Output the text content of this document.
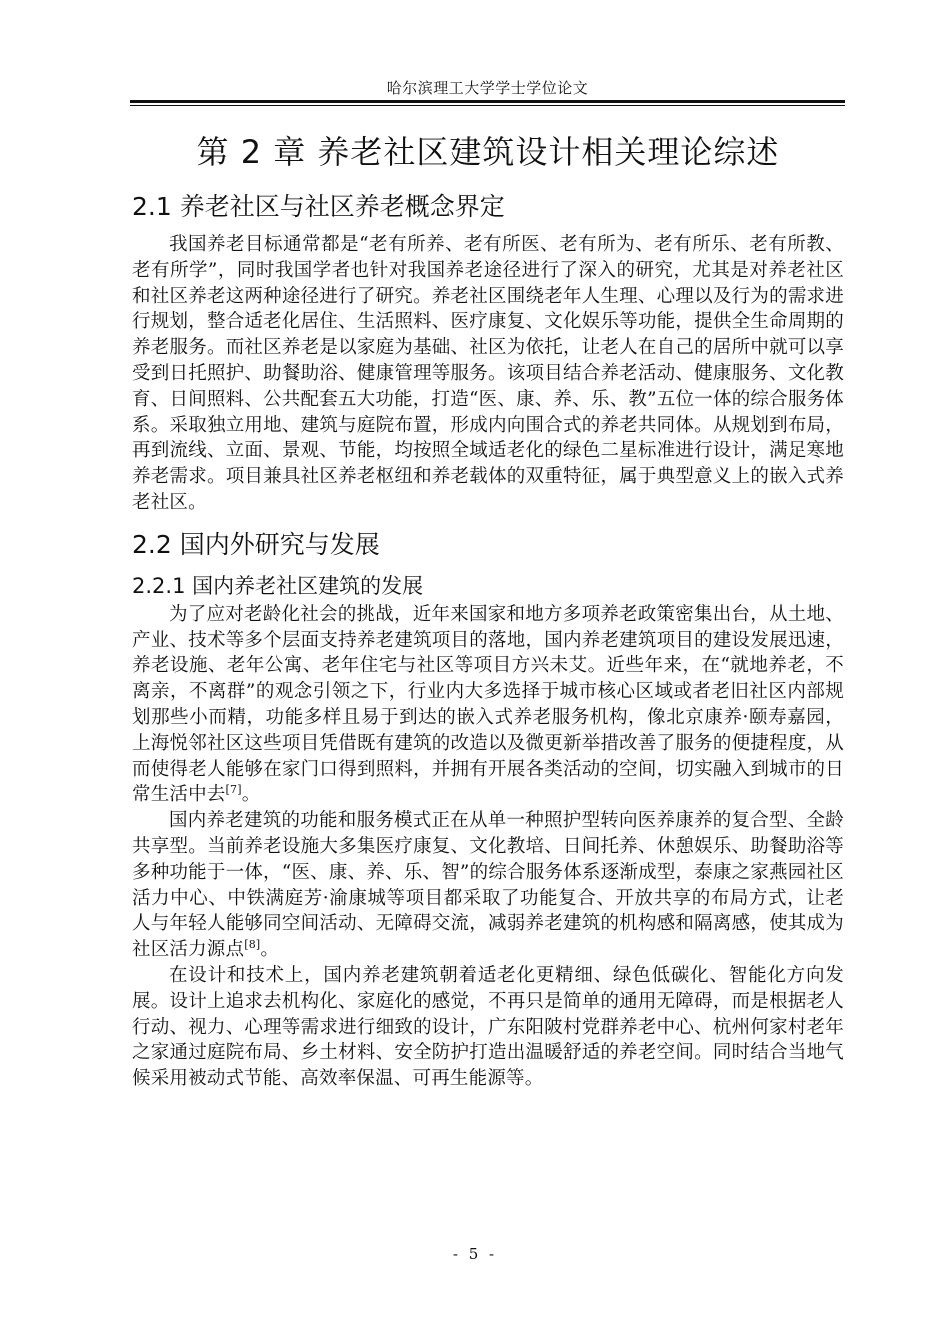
哈尔滨理工大学学士学位论文
第 2 章 养老社区建筑设计相关理论综述
2.1 养老社区与社区养老概念界定

我国养老目标通常都是“老有所养、老有所医、老有所为、老有所乐、老有所教、老有所学”，同时我国学者也针对我国养老途径进行了深入的研究，尤其是对养老社区和社区养老这两种途径进行了研究。养老社区围绕老年人生理、心理以及行为的需求进行规划，整合适老化居住、生活照料、医疗康复、文化娱乐等功能，提供全生命周期的养老服务。而社区养老是以家庭为基础、社区为依托，让老人在自己的居所中就可以享受到日托照护、助餐助浴、健康管理等服务。该项目结合养老活动、健康服务、文化教育、日间照料、公共配套五大功能，打造“医、康、养、乐、教”五位一体的综合服务体系。采取独立用地、建筑与庭院布置，形成内向围合式的养老共同体。从规划到布局，再到流线、立面、景观、节能，均按照全域适老化的绿色二星标准进行设计，满足寒地养老需求。项目兼具社区养老枢纽和养老载体的双重特征，属于典型意义上的嵌入式养老社区。

2.2 国内外研究与发展
2.2.1 国内养老社区建筑的发展

为了应对老龄化社会的挑战，近年来国家和地方多项养老政策密集出台，从土地、产业、技术等多个层面支持养老建筑项目的落地，国内养老建筑项目的建设发展迅速，养老设施、老年公寓、老年住宅与社区等项目方兴未艾。近些年来，在“就地养老，不离亲，不离群”的观念引领之下，行业内大多选择于城市核心区域或者老旧社区内部规划那些小而精，功能多样且易于到达的嵌入式养老服务机构，像北京康养·颐寿嘉园，上海悦邻社区这些项目凭借既有建筑的改造以及微更新举措改善了服务的便捷程度，从而使得老人能够在家门口得到照料，并拥有开展各类活动的空间，切实融入到城市的日常生活中去[7]。

国内养老建筑的功能和服务模式正在从单一种照护型转向医养康养的复合型、全龄共享型。当前养老设施大多集医疗康复、文化教培、日间托养、休憩娱乐、助餐助浴等多种功能于一体，“医、康、养、乐、智”的综合服务体系逐渐成型，泰康之家燕园社区活力中心、中铁满庭芳·渝康城等项目都采取了功能复合、开放共享的布局方式，让老人与年轻人能够同空间活动、无障碍交流，减弱养老建筑的机构感和隔离感，使其成为社区活力源点[8]。

在设计和技术上，国内养老建筑朝着适老化更精细、绿色低碳化、智能化方向发展。设计上追求去机构化、家庭化的感觉，不再只是简单的通用无障碍，而是根据老人行动、视力、心理等需求进行细致的设计，广东阳陂村党群养老中心、杭州何家村老年之家通过庭院布局、乡土材料、安全防护打造出温暖舒适的养老空间。同时结合当地气候采用被动式节能、高效率保温、可再生能源等。

- 5 -
